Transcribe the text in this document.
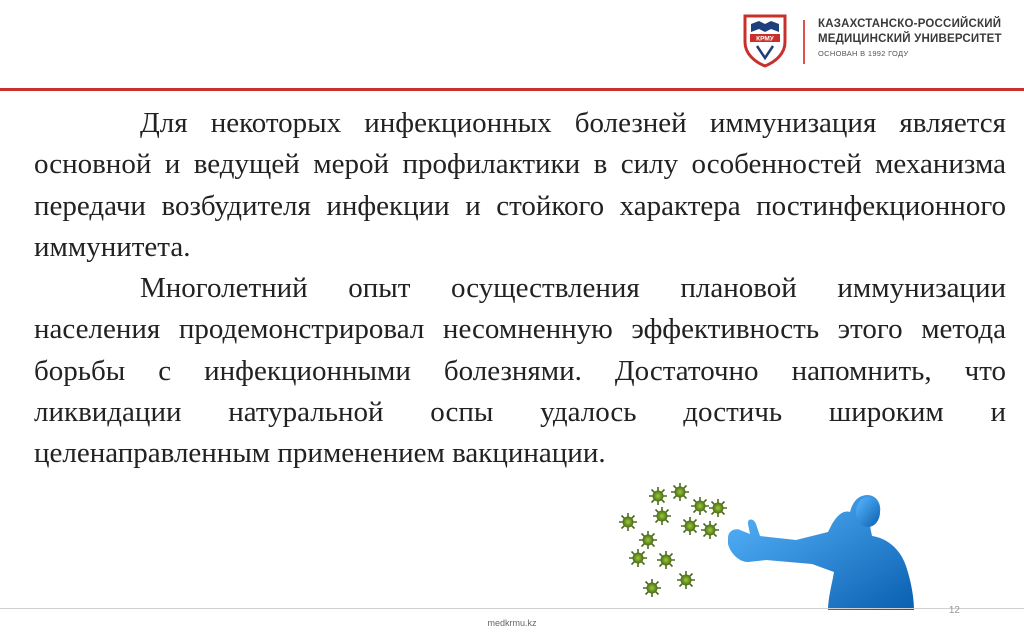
КРМУ
КАЗАХСТАНСКО-РОССИЙСКИЙ
МЕДИЦИНСКИЙ УНИВЕРСИТЕТ
ОСНОВАН В 1992 ГОДУ

Для некоторых инфекционных болезней иммунизация является основной и ведущей мерой профилактики в силу особенностей механизма передачи возбудителя инфекции и стойкого характера постинфекционного иммунитета.

Многолетний опыт осуществления плановой иммунизации населения продемонстрировал несомненную эффективность этого метода борьбы с инфекционными болезнями. Достаточно напомнить, что ликвидации натуральной оспы удалось достичь широким и целенаправленным применением вакцинации.

12
medkrmu.kz
